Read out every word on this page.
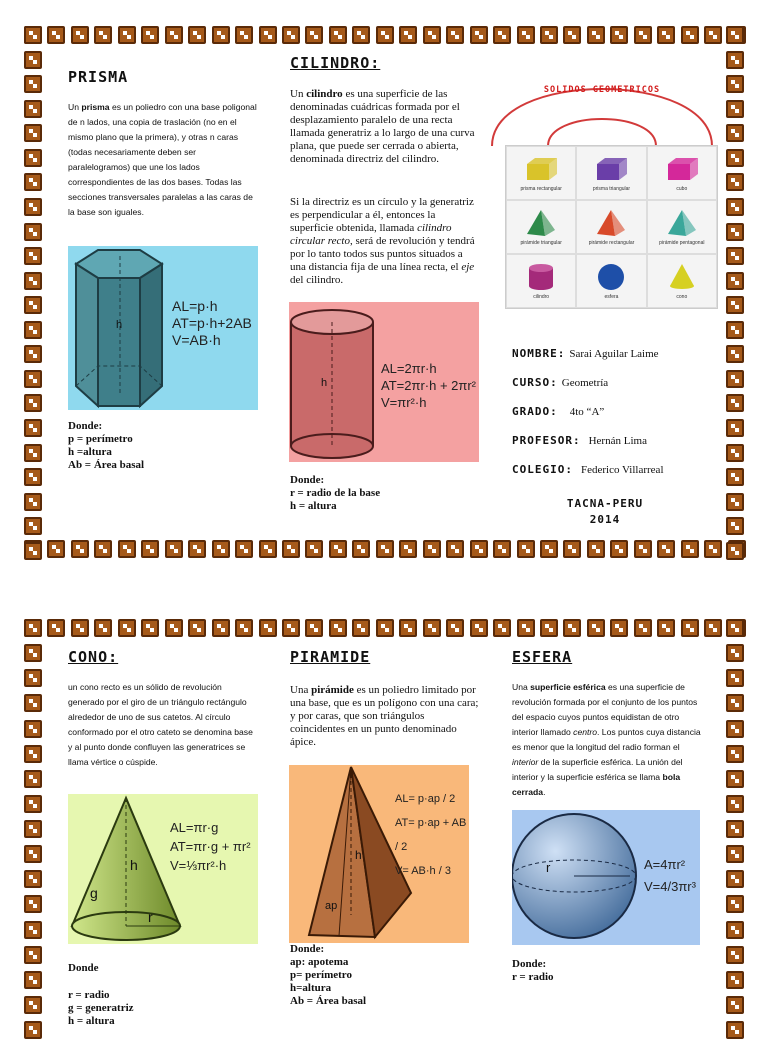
PRISMA
Un prisma es un poliedro con una base poligonal de n lados, una copia de traslación (no en el mismo plano que la primera), y otras n caras (todas necesariamente deben ser paralelogramos) que une los lados correspondientes de las dos bases. Todas las secciones transversales paralelas a las caras de la base son iguales.
h
AL=p·h
AT=p·h+2AB
V=AB·h
Donde:
p = perímetro
h =altura
Ab = Área basal
CILINDRO:
Un cilindro es una superficie de las denominadas cuádricas formada por el desplazamiento paralelo de una recta llamada generatriz a lo largo de una curva plana, que puede ser cerrada o abierta, denominada directriz del cilindro.
Si la directriz es un círculo y la generatriz es perpendicular a él, entonces la superficie obtenida, llamada cilindro circular recto, será de revolución y tendrá por lo tanto todos sus puntos situados a una distancia fija de una línea recta, el eje del cilindro.
h
AL=2πr·h
AT=2πr·h + 2πr²
V=πr²·h
Donde:
r = radio de la base
h = altura
SOLIDOS GEOMETRICOS
prisma rectangular	prisma triangular	cubo
pirámide triangular	pirámide rectangular	pirámide pentagonal
cilindro	esfera	cono
NOMBRE: Sarai Aguilar Laime
CURSO: Geometría
GRADO: 4to “A”
PROFESOR: Hernán Lima
COLEGIO: Federico Villarreal
TACNA-PERU
2014
CONO:
un cono recto es un sólido de revolución generado por el giro de un triángulo rectángulo alrededor de uno de sus catetos. Al círculo conformado por el otro cateto se denomina base y al punto donde confluyen las generatrices se llama vértice o cúspide.
h
g
r
AL=πr·g
AT=πr·g + πr²
V=⅓πr²·h
Donde
r = radio
g = generatriz
h = altura
PIRAMIDE
Una pirámide es un poliedro limitado por una base, que es un polígono con una cara; y por caras, que son triángulos coincidentes en un punto denominado ápice.
h
ap
AL= p·ap / 2
AT= p·ap + AB / 2
V= AB·h / 3
Donde:
ap: apotema
p= perímetro
h=altura
Ab = Área basal
ESFERA
Una superficie esférica es una superficie de revolución formada por el conjunto de los puntos del espacio cuyos puntos equidistan de otro interior llamado centro. Los puntos cuya distancia es menor que la longitud del radio forman el interior de la superficie esférica. La unión del interior y la superficie esférica se llama bola cerrada.
r	A=4πr²
V=4/3πr³
Donde:
r = radio
